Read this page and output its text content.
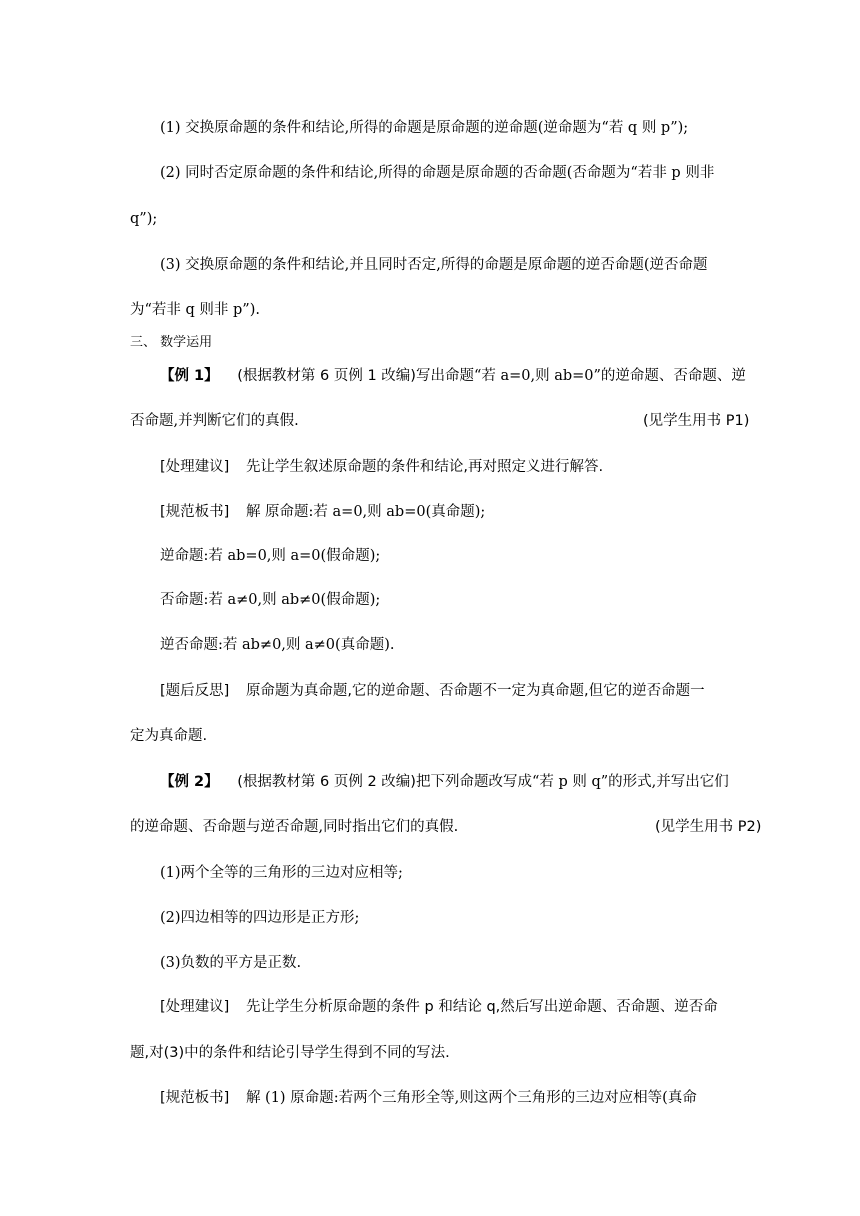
(1) 交换原命题的条件和结论,所得的命题是原命题的逆命题(逆命题为“若 q 则 p”);
(2) 同时否定原命题的条件和结论,所得的命题是原命题的否命题(否命题为“若非 p 则非
q”);
(3) 交换原命题的条件和结论,并且同时否定,所得的命题是原命题的逆否命题(逆否命题
为“若非 q 则非 p”).
三、 数学运用
【例 1】 (根据教材第 6 页例 1 改编)写出命题“若 a=0,则 ab=0”的逆命题、否命题、逆
否命题,并判断它们的真假.	(见学生用书 P1)
[处理建议] 先让学生叙述原命题的条件和结论,再对照定义进行解答.
[规范板书] 解 原命题:若 a=0,则 ab=0(真命题);
逆命题:若 ab=0,则 a=0(假命题);
否命题:若 a≠0,则 ab≠0(假命题);
逆否命题:若 ab≠0,则 a≠0(真命题).
[题后反思] 原命题为真命题,它的逆命题、否命题不一定为真命题,但它的逆否命题一
定为真命题.
【例 2】 (根据教材第 6 页例 2 改编)把下列命题改写成“若 p 则 q”的形式,并写出它们
的逆命题、否命题与逆否命题,同时指出它们的真假.	(见学生用书 P2)
(1)两个全等的三角形的三边对应相等;
(2)四边相等的四边形是正方形;
(3)负数的平方是正数.
[处理建议] 先让学生分析原命题的条件 p 和结论 q,然后写出逆命题、否命题、逆否命
题,对(3)中的条件和结论引导学生得到不同的写法.
[规范板书] 解 (1) 原命题:若两个三角形全等,则这两个三角形的三边对应相等(真命
